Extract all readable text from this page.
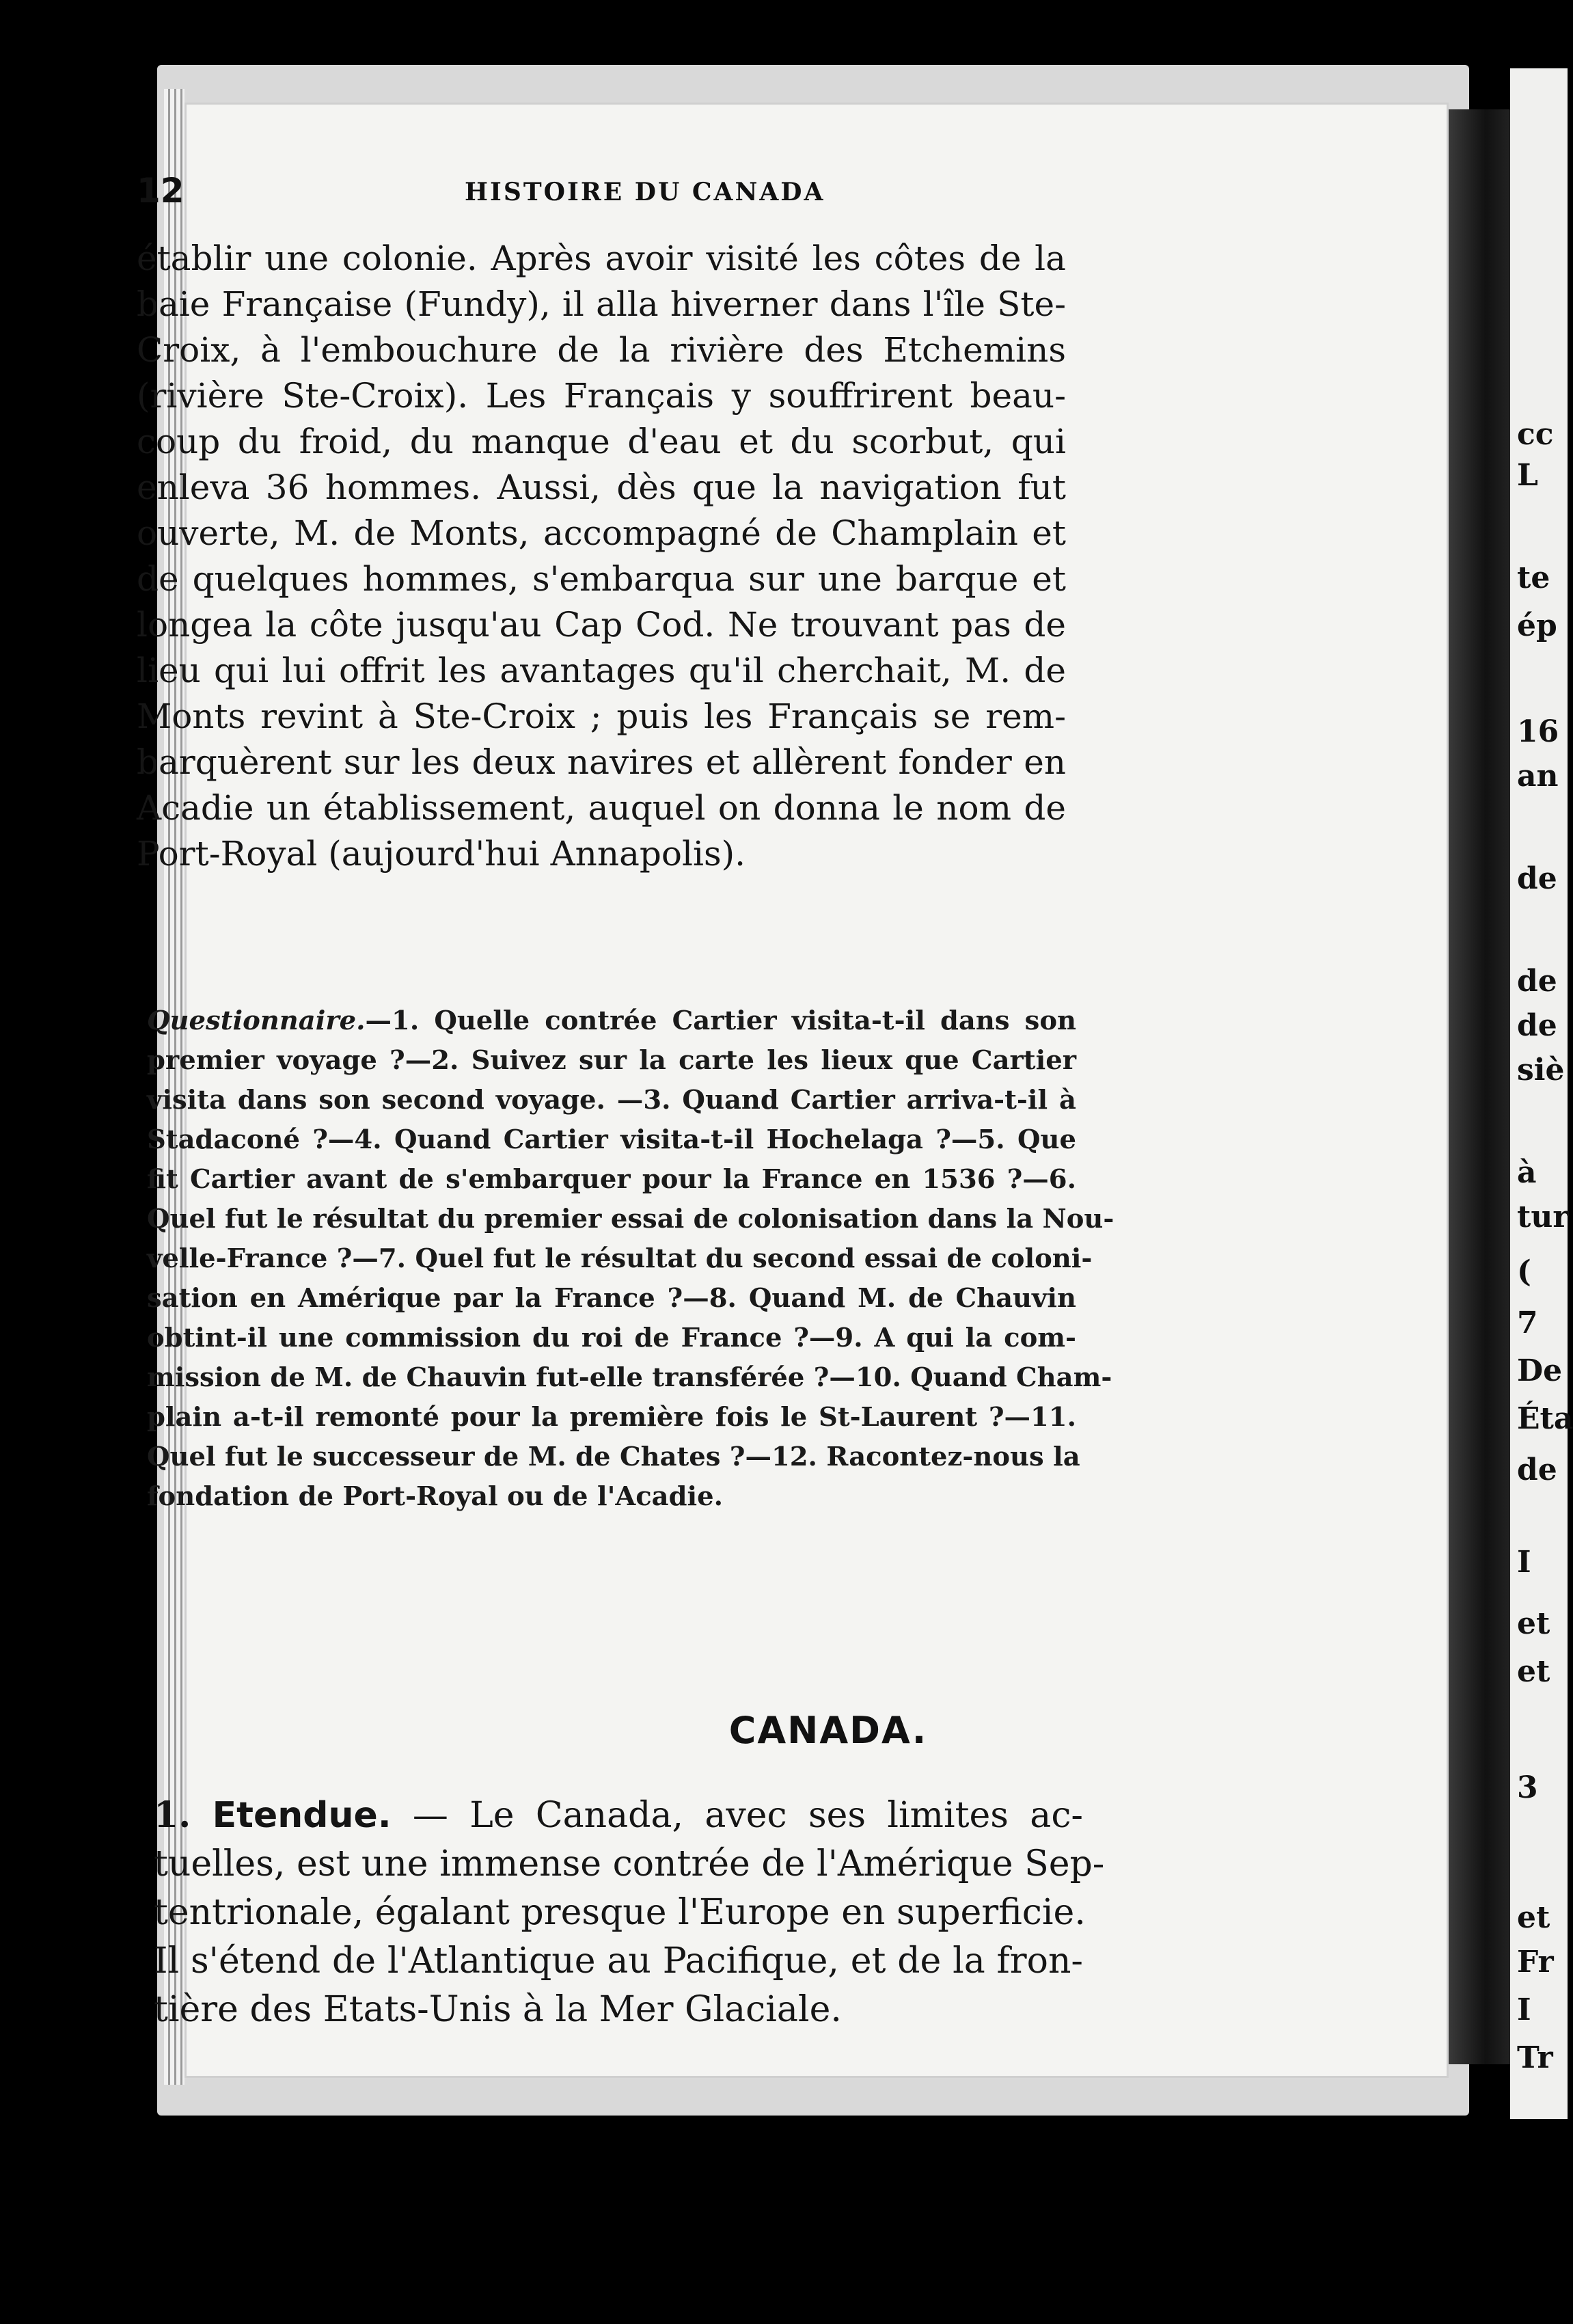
cc
L
te
ép
16
an
de
de
de
siè
à
tur
(
7
De
Éta
de
I
et
et
3
et
Fr
I
Tr
12	HISTOIRE DU CANADA
établir une colonie. Après avoir visité les côtes de la
baie Française (Fundy), il alla hiverner dans l'île Ste-
Croix, à l'embouchure de la rivière des Etchemins
(rivière Ste-Croix). Les Français y souffrirent beau-
coup du froid, du manque d'eau et du scorbut, qui
enleva 36 hommes. Aussi, dès que la navigation fut
ouverte, M. de Monts, accompagné de Champlain et
de quelques hommes, s'embarqua sur une barque et
longea la côte jusqu'au Cap Cod. Ne trouvant pas de
lieu qui lui offrit les avantages qu'il cherchait, M. de
Monts revint à Ste-Croix ; puis les Français se rem-
barquèrent sur les deux navires et allèrent fonder en
Acadie un établissement, auquel on donna le nom de
Port-Royal (aujourd'hui Annapolis).
Questionnaire.—1. Quelle contrée Cartier visita-t-il dans son
premier voyage ?—2. Suivez sur la carte les lieux que Cartier
visita dans son second voyage. —3. Quand Cartier arriva-t-il à
Stadaconé ?—4. Quand Cartier visita-t-il Hochelaga ?—5. Que
fit Cartier avant de s'embarquer pour la France en 1536 ?—6.
Quel fut le résultat du premier essai de colonisation dans la Nou-
velle-France ?—7. Quel fut le résultat du second essai de coloni-
sation en Amérique par la France ?—8. Quand M. de Chauvin
obtint-il une commission du roi de France ?—9. A qui la com-
mission de M. de Chauvin fut-elle transférée ?—10. Quand Cham-
plain a-t-il remonté pour la première fois le St-Laurent ?—11.
Quel fut le successeur de M. de Chates ?—12. Racontez-nous la
fondation de Port-Royal ou de l'Acadie.
CANADA.
1. Etendue. — Le Canada, avec ses limites ac-
tuelles, est une immense contrée de l'Amérique Sep-
tentrionale, égalant presque l'Europe en superficie.
Il s'étend de l'Atlantique au Pacifique, et de la fron-
tière des Etats-Unis à la Mer Glaciale.
